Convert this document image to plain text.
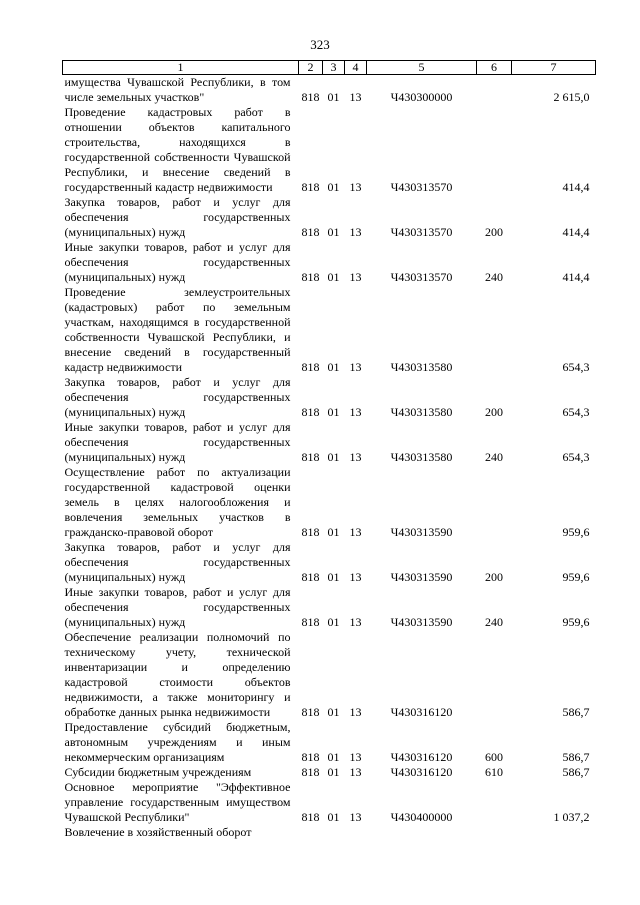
323
1	2	3	4	5	6	7
имущества Чувашской Республики, в том числе земельных участков"	818	01	13	Ч430300000		2 615,0
Проведение кадастровых работ в отношении объектов капитального строительства, находящихся в государственной собственности Чувашской Республики, и внесение сведений в государственный кадастр недвижимости	818	01	13	Ч430313570		414,4
Закупка товаров, работ и услуг для обеспечения государственных (муниципальных) нужд	818	01	13	Ч430313570	200	414,4
Иные закупки товаров, работ и услуг для обеспечения государственных (муниципальных) нужд	818	01	13	Ч430313570	240	414,4
Проведение землеустроительных (кадастровых) работ по земельным участкам, находящимся в государственной собственности Чувашской Республики, и внесение сведений в государственный кадастр недвижимости	818	01	13	Ч430313580		654,3
Закупка товаров, работ и услуг для обеспечения государственных (муниципальных) нужд	818	01	13	Ч430313580	200	654,3
Иные закупки товаров, работ и услуг для обеспечения государственных (муниципальных) нужд	818	01	13	Ч430313580	240	654,3
Осуществление работ по актуализации государственной кадастровой оценки земель в целях налогообложения и вовлечения земельных участков в гражданско-правовой оборот	818	01	13	Ч430313590		959,6
Закупка товаров, работ и услуг для обеспечения государственных (муниципальных) нужд	818	01	13	Ч430313590	200	959,6
Иные закупки товаров, работ и услуг для обеспечения государственных (муниципальных) нужд	818	01	13	Ч430313590	240	959,6
Обеспечение реализации полномочий по техническому учету, технической инвентаризации и определению кадастровой стоимости объектов недвижимости, а также мониторингу и обработке данных рынка недвижимости	818	01	13	Ч430316120		586,7
Предоставление субсидий бюджетным, автономным учреждениям и иным некоммерческим организациям	818	01	13	Ч430316120	600	586,7
Субсидии бюджетным учреждениям	818	01	13	Ч430316120	610	586,7
Основное мероприятие "Эффективное управление государственным имуществом Чувашской Республики"	818	01	13	Ч430400000		1 037,2
Вовлечение в хозяйственный оборот						
